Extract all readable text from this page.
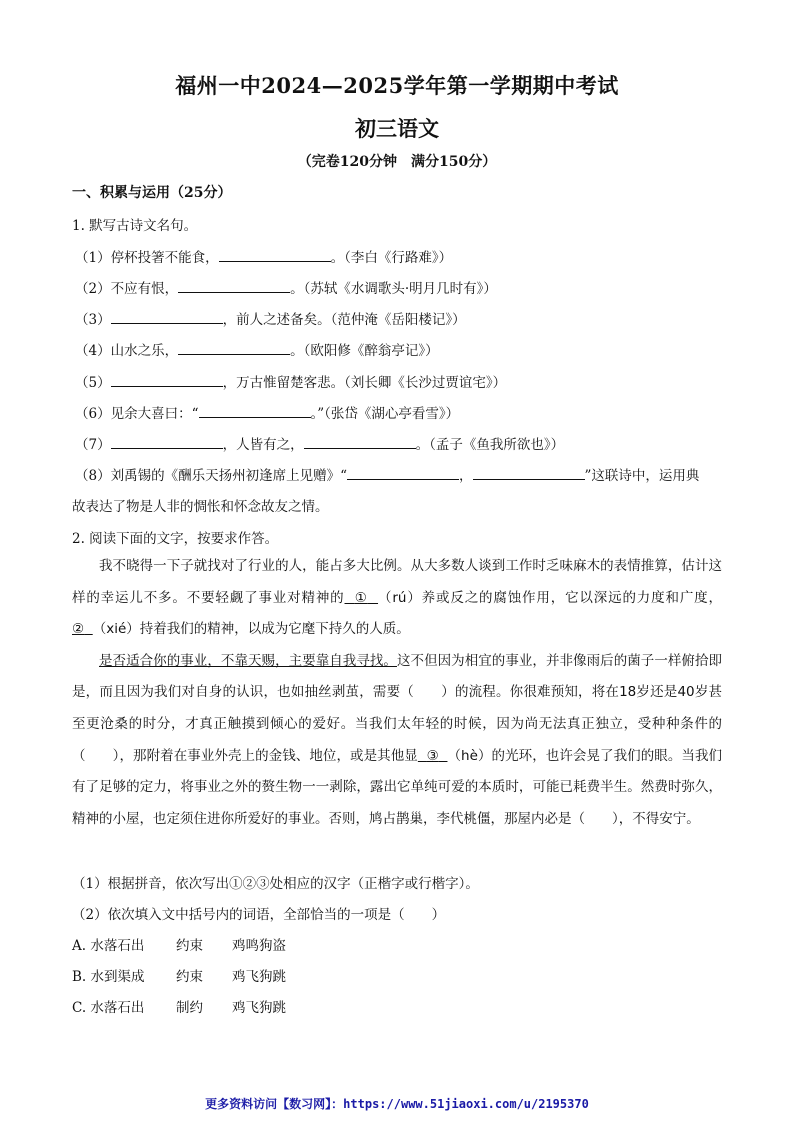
福州一中2024—2025学年第一学期期中考试
初三语文
（完卷120分钟　满分150分）
一、积累与运用（25分）
1. 默写古诗文名句。
（1）停杯投箸不能食，	。（李白《行路难》）
（2）不应有恨，	。（苏轼《水调歌头·明月几时有》）
（3）	，前人之述备矣。（范仲淹《岳阳楼记》）
（4）山水之乐，	。（欧阳修《醉翁亭记》）
（5）	，万古惟留楚客悲。（刘长卿《长沙过贾谊宅》）
（6）见余大喜曰：“	。”（张岱《湖心亭看雪》）
（7）	，人皆有之，	。（孟子《鱼我所欲也》）
（8）刘禹锡的《酬乐天扬州初逢席上见赠》“	，	”这联诗中，运用典
故表达了物是人非的惆怅和怀念故友之情。
2. 阅读下面的文字，按要求作答。

我不晓得一下子就找对了行业的人，能占多大比例。从大多数人谈到工作时乏味麻木的表情推算，估计这样的幸运儿不多。不要轻觑了事业对精神的 ① （rú）养或反之的腐蚀作用，它以深远的力度和广度，② （xié）持着我们的精神，以成为它麾下持久的人质。

是否适合你的事业，不靠天赐，主要靠自我寻找。这不但因为相宜的事业，并非像雨后的菌子一样俯拾即是，而且因为我们对自身的认识，也如抽丝剥茧，需要（　　）的流程。你很难预知，将在18岁还是40岁甚至更沧桑的时分，才真正触摸到倾心的爱好。当我们太年轻的时候，因为尚无法真正独立，受种种条件的（　　），那附着在事业外壳上的金钱、地位，或是其他显 ③ （hè）的光环，也许会晃了我们的眼。当我们有了足够的定力，将事业之外的赘生物一一剥除，露出它单纯可爱的本质时，可能已耗费半生。然费时弥久，精神的小屋，也定须住进你所爱好的事业。否则，鸠占鹊巢，李代桃僵，那屋内必是（　　），不得安宁。

（1）根据拼音，依次写出①②③处相应的汉字（正楷字或行楷字）。
（2）依次填入文中括号内的词语，全部恰当的一项是（　　）
A. 水落石出 约束 鸡鸣狗盗
B. 水到渠成 约束 鸡飞狗跳
C. 水落石出 制约 鸡飞狗跳
更多资料访问【数习网】：https://www.51jiaoxi.com/u/2195370
